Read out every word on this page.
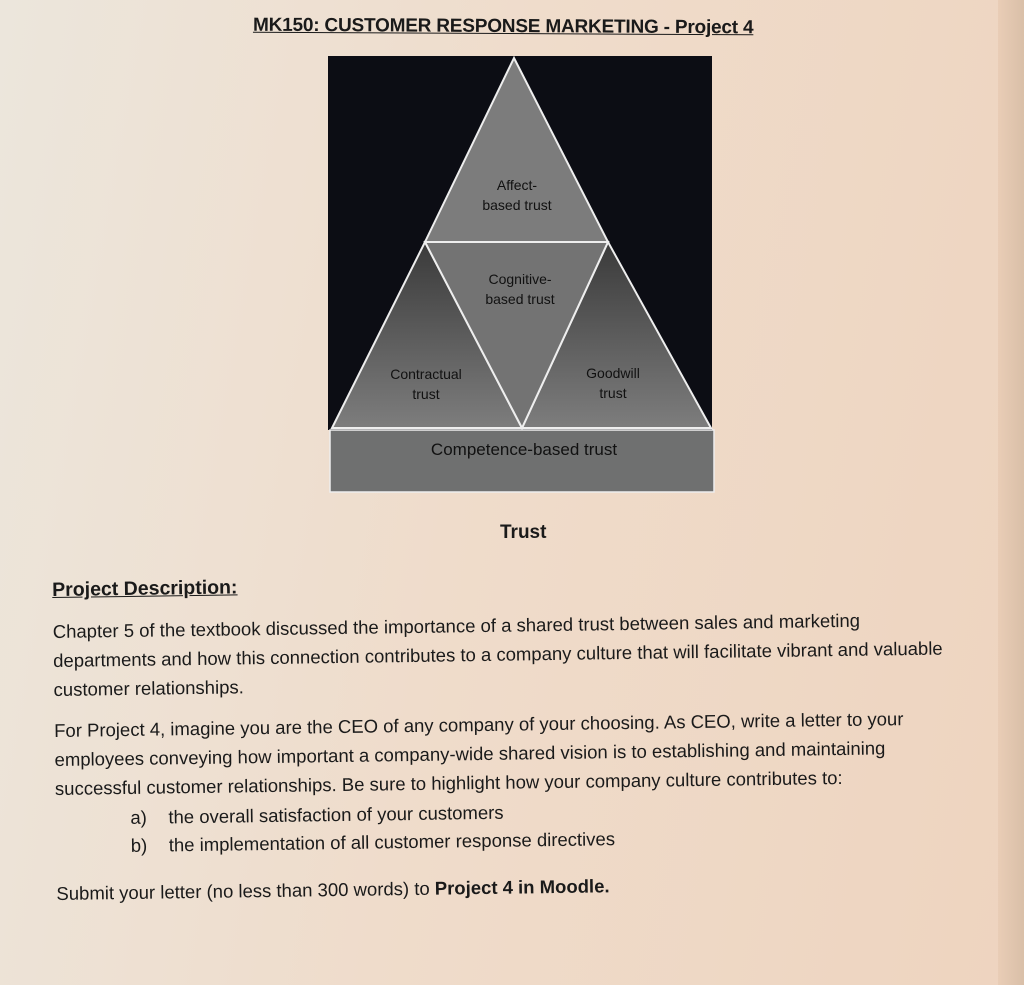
MK150: CUSTOMER RESPONSE MARKETING - Project 4
Affect-
based trust
Cognitive-
based trust
Contractual
trust
Goodwill
trust
Competence-based trust
Trust
Project Description:

Chapter 5 of the textbook discussed the importance of a shared trust between sales and marketing departments and how this connection contributes to a company culture that will facilitate vibrant and valuable customer relationships.

For Project 4, imagine you are the CEO of any company of your choosing. As CEO, write a letter to your employees conveying how important a company-wide shared vision is to establishing and maintaining successful customer relationships. Be sure to highlight how your company culture contributes to:

a) the overall satisfaction of your customers
b) the implementation of all customer response directives

Submit your letter (no less than 300 words) to Project 4 in Moodle.
